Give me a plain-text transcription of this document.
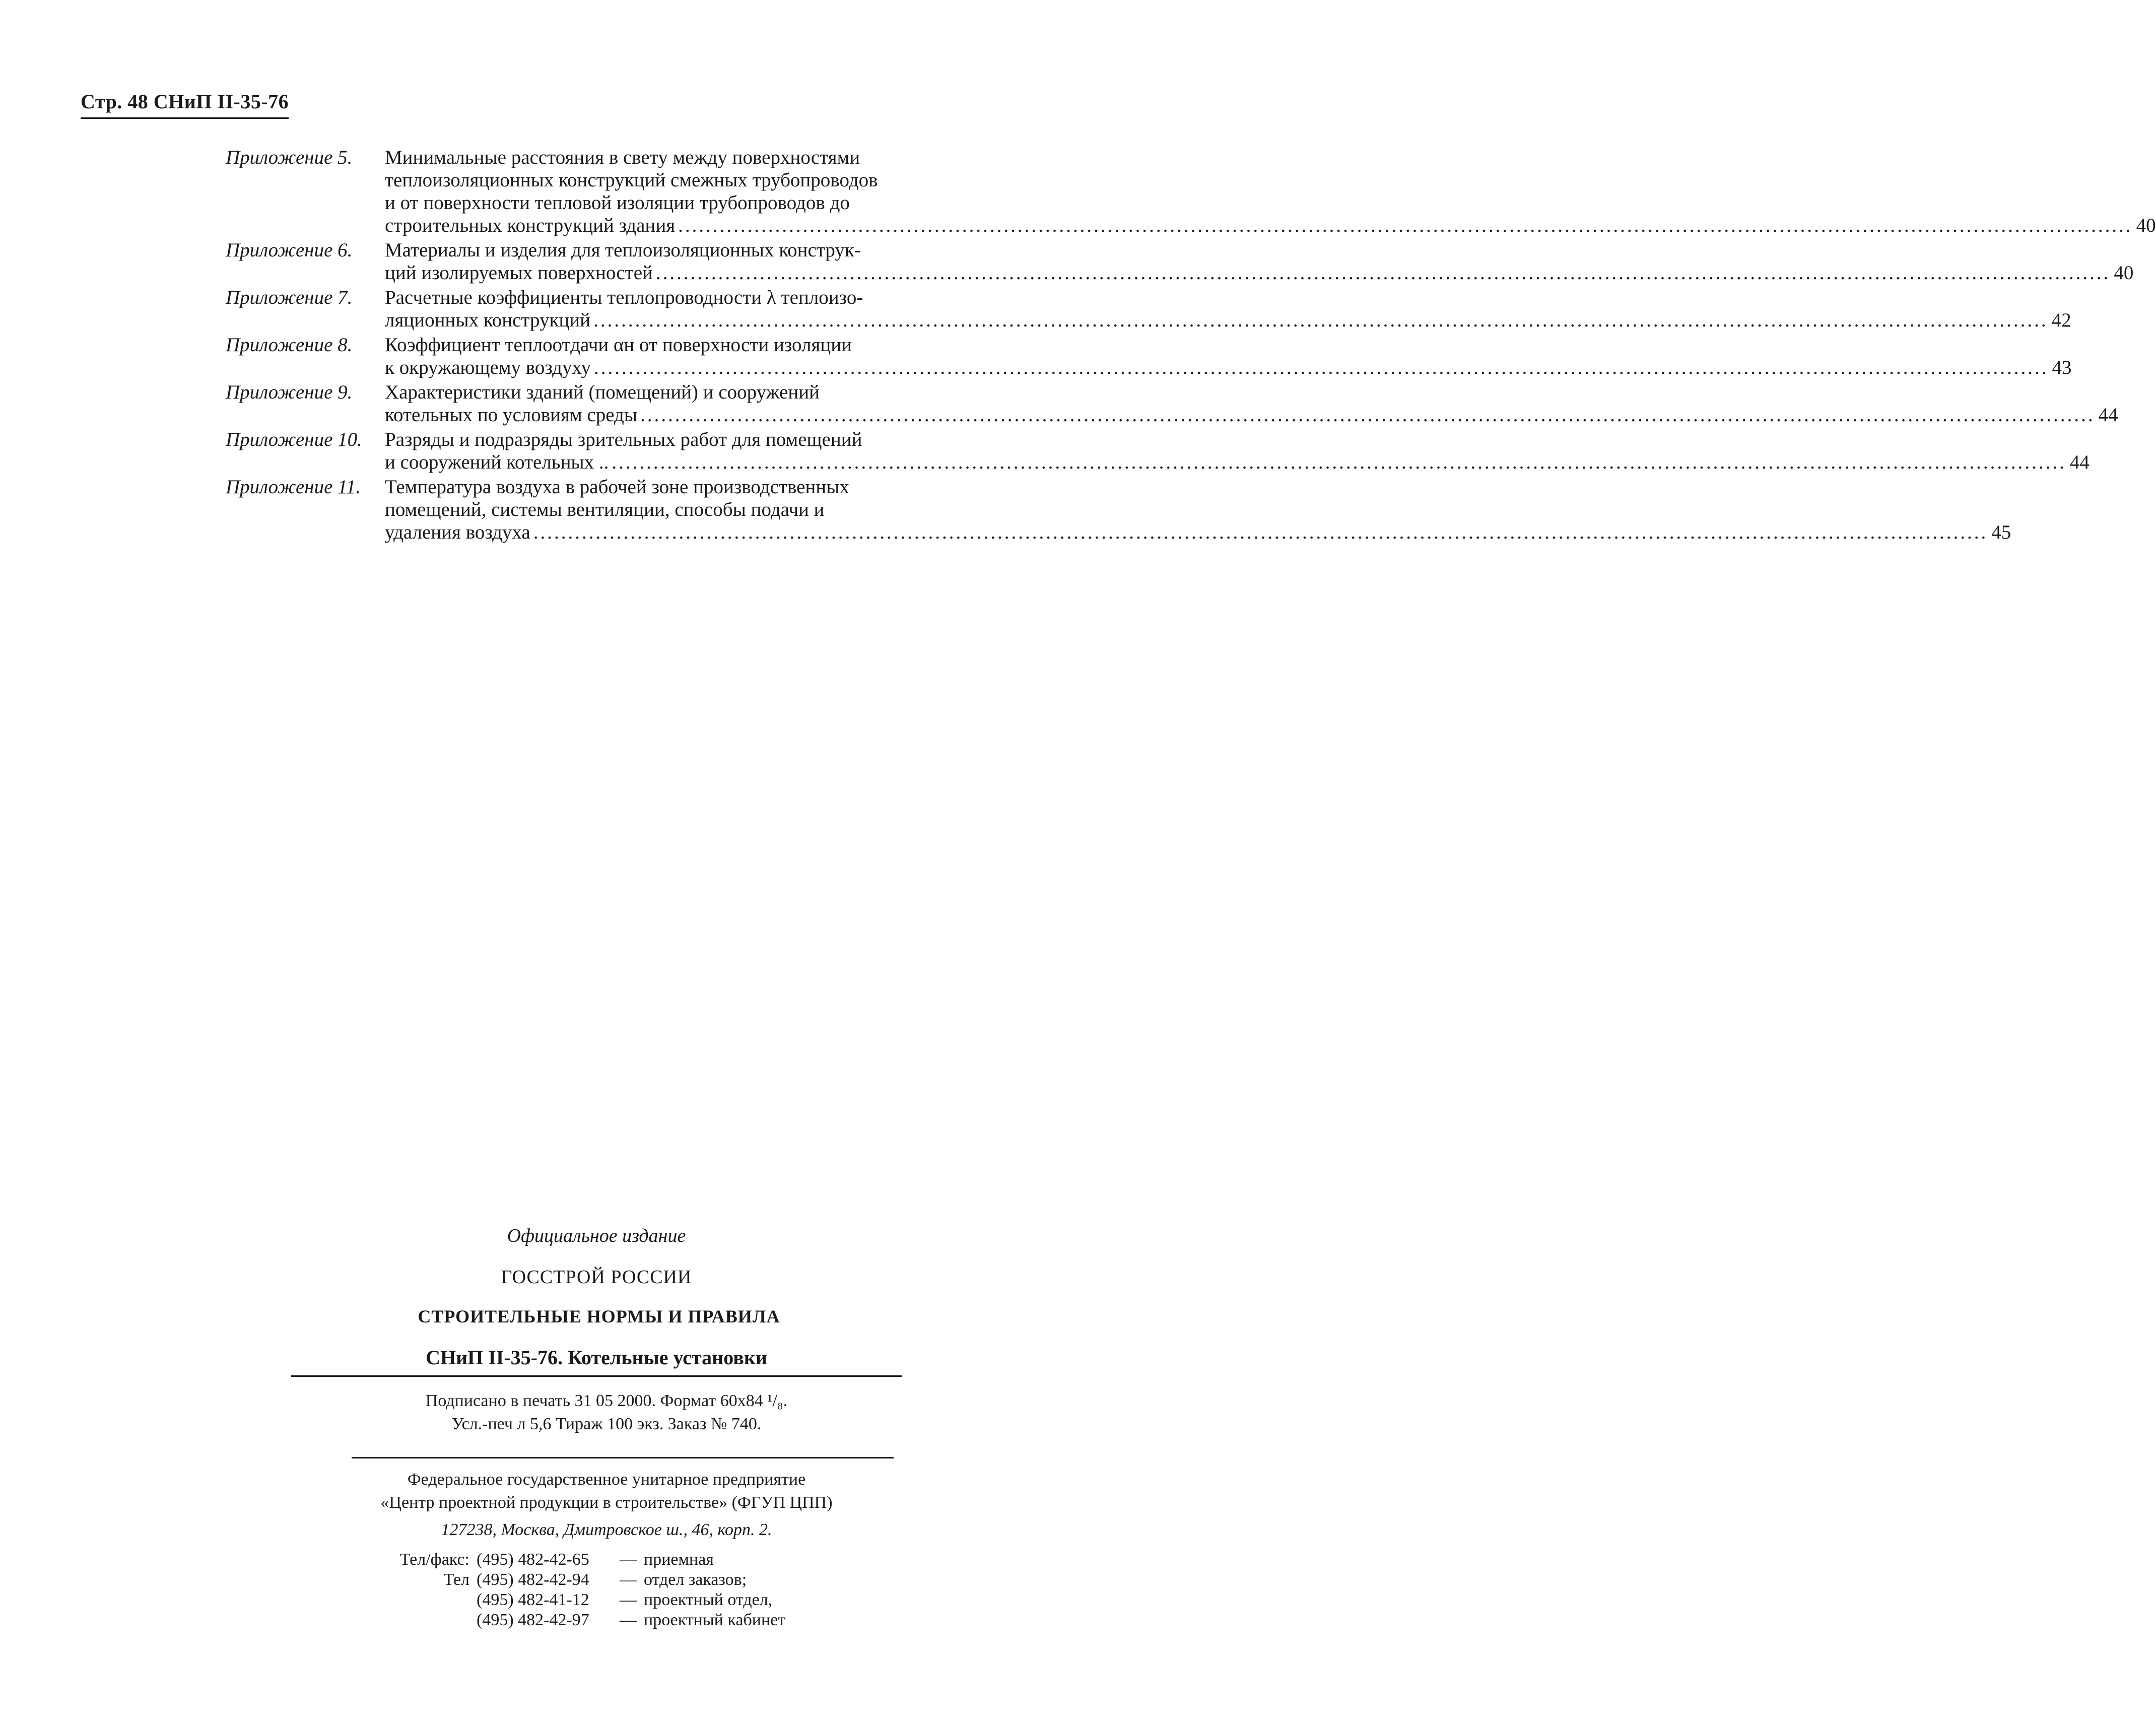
Стр. 48 СНиП II-35-76
Приложение 5.	Минимальные расстояния в свету между поверхностями
теплоизоляционных конструкций смежных трубопроводов
и от поверхности тепловой изоляции трубопроводов до
строительных конструкций здания .....	40
Приложение 6.	Материалы и изделия для теплоизоляционных конструк-
ций изолируемых поверхностей .....	40
Приложение 7.	Расчетные коэффициенты теплопроводности λ теплоизо-
ляционных конструкций .....	42
Приложение 8.	Коэффициент теплоотдачи αн от поверхности изоляции
к окружающему воздуху .....	43
Приложение 9.	Характеристики зданий (помещений) и сооружений
котельных по условиям среды .....	44
Приложение 10.	Разряды и подразряды зрительных работ для помещений
и сооружений котельных .. .....	44
Приложение 11.	Температура воздуха в рабочей зоне производственных
помещений, системы вентиляции, способы подачи и
удаления воздуха .....	45
Официальное издание
ГОССТРОЙ РОССИИ
СТРОИТЕЛЬНЫЕ НОРМЫ И ПРАВИЛА
СНиП II-35-76. Котельные установки
Подписано в печать 31 05 2000. Формат 60x84 ¹/₈.
Усл.-печ л 5,6 Тираж 100 экз. Заказ № 740.
Федеральное государственное унитарное предприятие
«Центр проектной продукции в строительстве» (ФГУП ЦПП)
127238, Москва, Дмитровское ш., 46, корп. 2.
Тел/факс: (495) 482-42-65	— приемная
Тел (495) 482-42-94	— отдел заказов;
(495) 482-41-12	— проектный отдел,
(495) 482-42-97	— проектный кабинет
